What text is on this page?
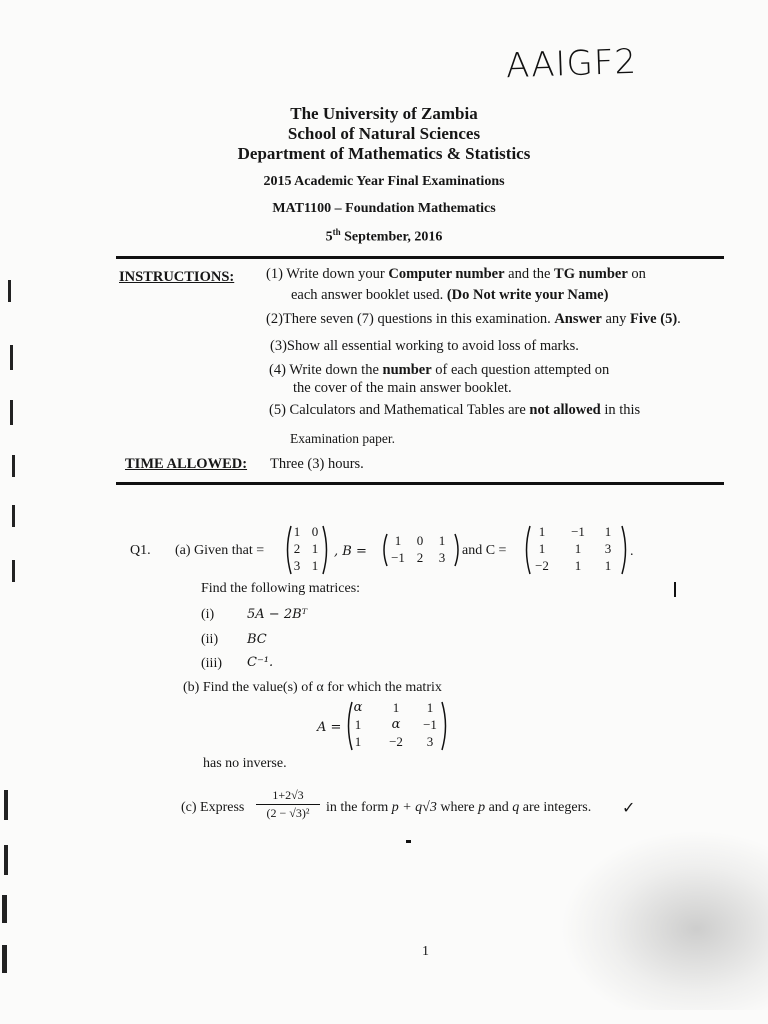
AAIGF2
The University of Zambia
School of Natural Sciences
Department of Mathematics & Statistics
2015 Academic Year Final Examinations
MAT1100 – Foundation Mathematics
5th September, 2016
INSTRUCTIONS: (1) Write down your Computer number and the TG number on
each answer booklet used. (Do Not write your Name)
(2)There seven (7) questions in this examination. Answer any Five (5).
(3)Show all essential working to avoid loss of marks.
(4) Write down the number of each question attempted on
the cover of the main answer booklet.
(5) Calculators and Mathematical Tables are not allowed in this
Examination paper.
TIME ALLOWED: Three (3) hours.
Q1. (a) Given that =
1 0
2 1
3 1
, B =
1	0	1
−1 2	3	and C =
1	−1	1
1	1	3
−2	1	1
.
Find the following matrices:
(i)	5A − 2Bᵀ
(ii) BC
(iii) C⁻¹.
(b) Find the value(s) of α for which the matrix
A =
α	1	1
1	α	−1
1	−2	3
has no inverse.
(c) Express $\frac{1+2√3}{\text{(2 − √3)²}}$ in the form p + q√3 where p and q are integers. ✓
1
